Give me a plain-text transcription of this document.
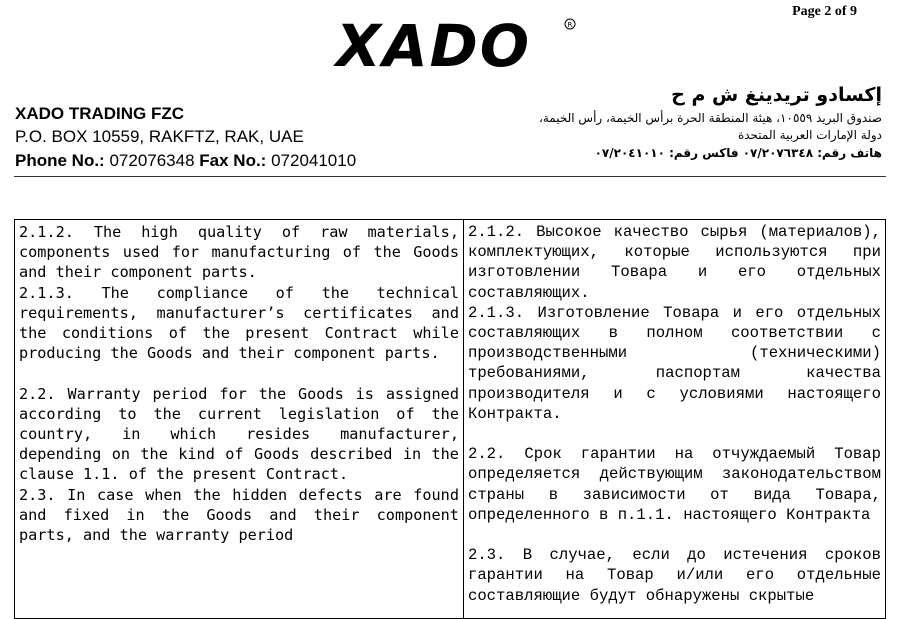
Page 2 of 9
XADO	R
XADO TRADING FZC
P.O. BOX 10559, RAKFTZ, RAK, UAE
Phone No.: 072076348 Fax No.: 072041010
إكسادو تريدينغ ش م ح
صندوق البريد ١٠٥٥٩، هيئة المنطقة الحرة برأس الخيمة، رأس الخيمة،
دولة الإمارات العربية المتحدة
هاتف رقم: ٠٧/٢٠٧٦٣٤٨ فاكس رقم: ٠٧/٢٠٤١٠١٠

2.1.2. The high quality of raw materials, components used for manufacturing of the Goods and their component parts.

2.1.3. The compliance of the technical requirements, manufacturer’s certificates and the conditions of the present Contract while producing the Goods and their component parts.

2.2. Warranty period for the Goods is assigned according to the current legislation of the country, in which resides manufacturer, depending on the kind of Goods described in the clause 1.1. of the present Contract.

2.3. In case when the hidden defects are found and fixed in the Goods and their component parts, and the warranty period

2.1.2. Высокое качество сырья (материалов), комплектующих, которые используются при изготовлении Товара и его отдельных составляющих.

2.1.3. Изготовление Товара и его отдельных составляющих в полном соответствии с производственными (техническими) требованиями, паспортам качества производителя и с условиями настоящего Контракта.

2.2. Срок гарантии на отчуждаемый Товар определяется действующим законодательством страны в зависимости от вида Товара, определенного в п.1.1. настоящего Контракта

2.3. В случае, если до истечения сроков гарантии на Товар и/или его отдельные составляющие будут обнаружены скрытые
